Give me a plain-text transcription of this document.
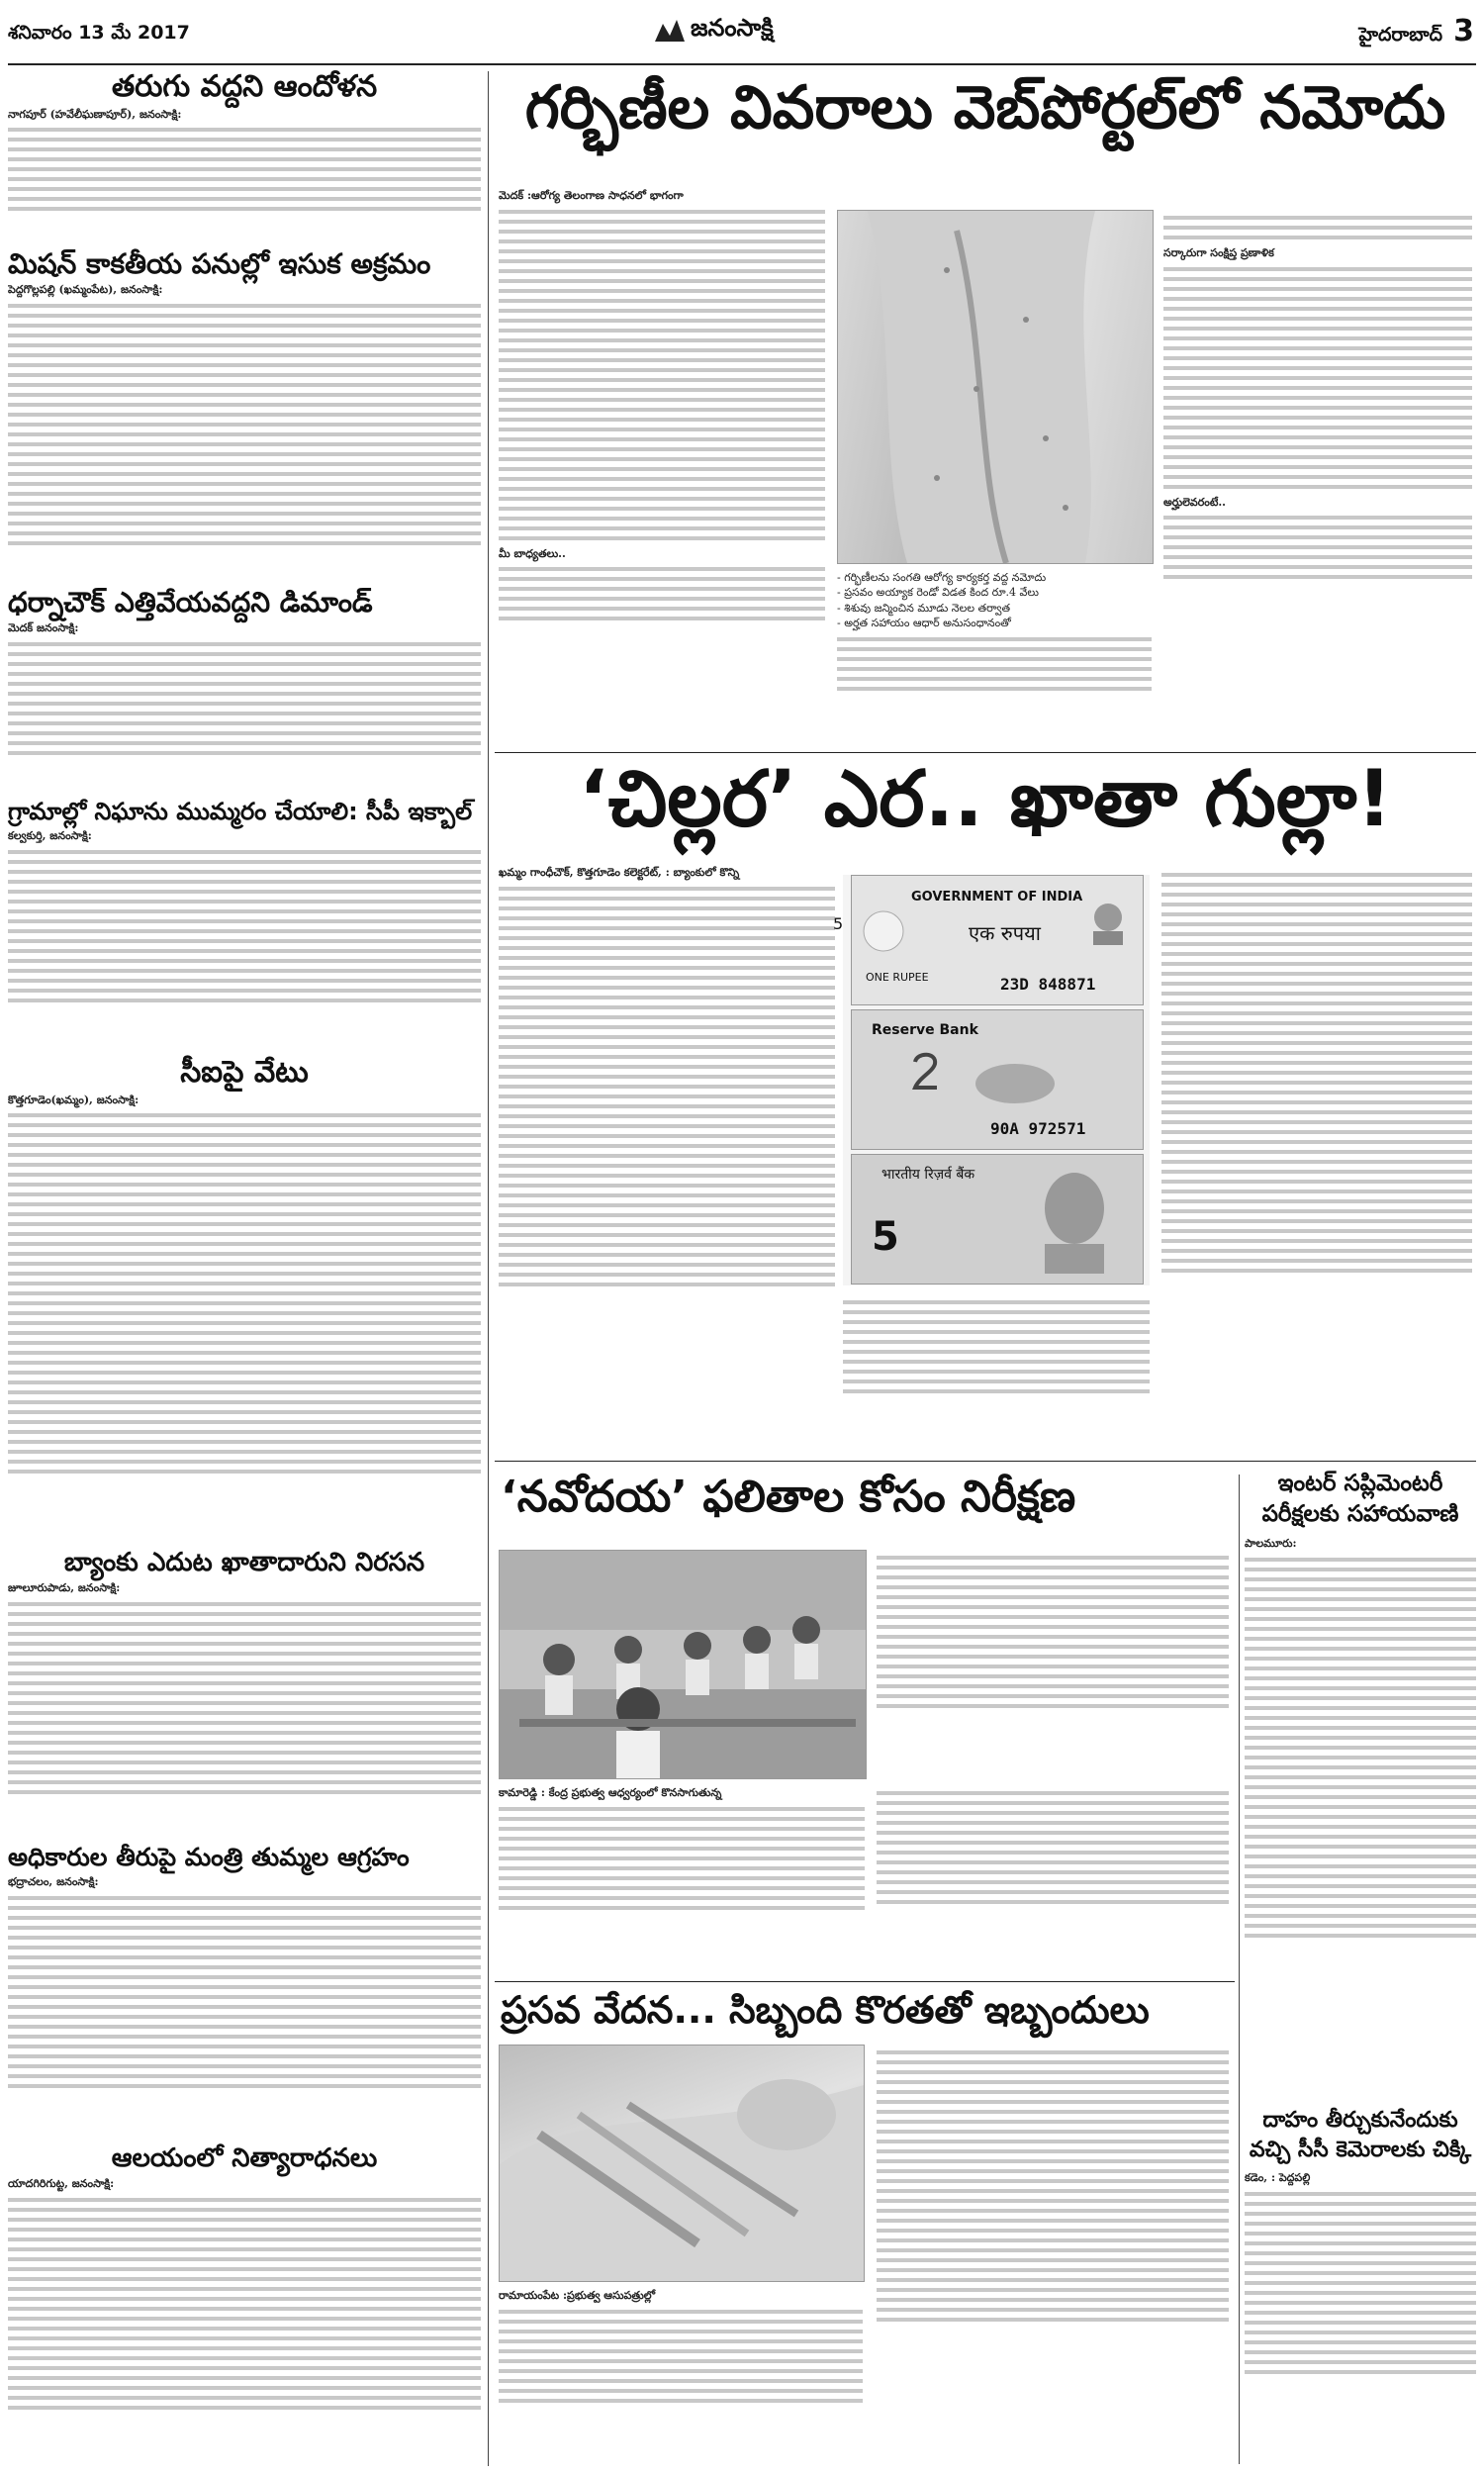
శనివారం 13 మే 2017	జనంసాక్షి	హైదరాబాద్ 3
తరుగు వద్దని ఆందోళన
నాగపూర్ (హవేలీఘణాపూర్), జనంసాక్షి:
మిషన్ కాకతీయ పనుల్లో ఇసుక అక్రమం
పెద్దగొల్లపల్లి (ఖమ్మంపేట), జనంసాక్షి:
ధర్నాచౌక్ ఎత్తివేయవద్దని డిమాండ్
మెదక్ జనంసాక్షి:
గ్రామాల్లో నిఘాను ముమ్మరం చేయాలి: సీపీ ఇక్బాల్
కల్వకుర్తి, జనంసాక్షి:
సీఐపై వేటు
కొత్తగూడెం(ఖమ్మం), జనంసాక్షి:
బ్యాంకు ఎదుట ఖాతాదారుని నిరసన
జూలూరుపాడు, జనంసాక్షి:
అధికారుల తీరుపై మంత్రి తుమ్మల ఆగ్రహం
భద్రాచలం, జనంసాక్షి:
ఆలయంలో నిత్యారాధనలు
యాదగిరిగుట్ట, జనంసాక్షి:
గర్భిణీల వివరాలు వెబ్‌పోర్టల్‌లో నమోదు
మెదక్ :ఆరోగ్య తెలంగాణ సాధనలో భాగంగా
మీ బాధ్యతలు..
- గర్భిణీలను సంగతి ఆరోగ్య కార్యకర్త వద్ద నమోదు
- ప్రసవం అయ్యాక రెండో విడత కింద రూ.4 వేలు
- శిశువు జన్మించిన మూడు నెలల తర్వాత
- అర్హత సహాయం ఆధార్ అనుసంధానంతో
సర్కారుగా సంక్షిప్త ప్రణాళిక
అర్హులెవరంటే..
‘చిల్లర’ ఎర.. ఖాతా గుల్లా!
ఖమ్మం గాంధీచౌక్, కొత్తగూడెం కలెక్టరేట్, : బ్యాంకులో కొన్ని
5
GOVERNMENT OF INDIA
एक रुपया
ONE RUPEE	23D 848871
Reserve Bank
90A 972571
भारतीय रिज़र्व बैंक
5
‘నవోదయ’ ఫలితాల కోసం నిరీక్షణ
కామారెడ్డి : కేంద్ర ప్రభుత్వ ఆధ్వర్యంలో కొనసాగుతున్న
ఇంటర్ సప్లిమెంటరీ పరీక్షలకు సహాయవాణి
పాలమూరు:
ప్రసవ వేదన... సిబ్బంది కొరతతో ఇబ్బందులు
రామాయంపేట :ప్రభుత్వ ఆసుపత్రుల్లో
దాహం తీర్చుకునేందుకు వచ్చి సీసీ కెమెరాలకు చిక్కి
కడెం, : పెద్దపల్లి
